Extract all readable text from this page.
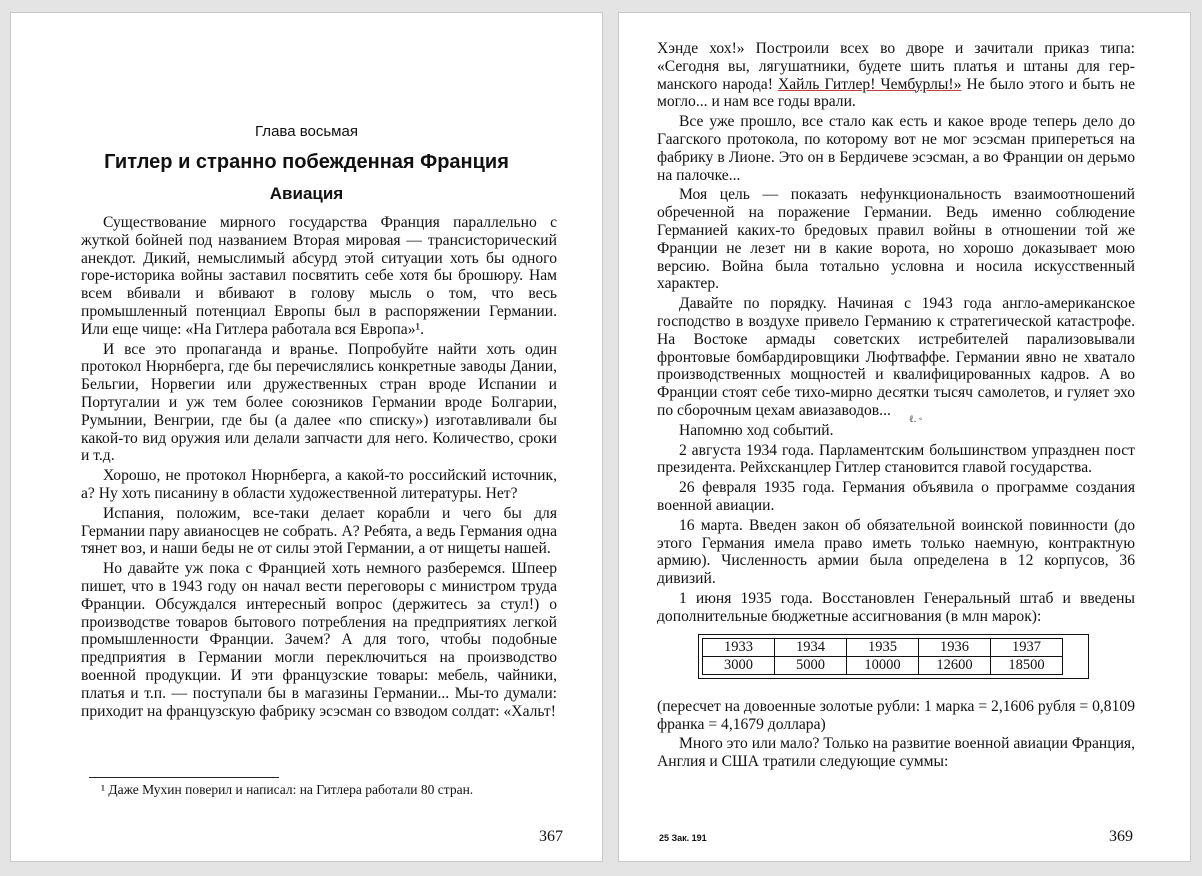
Глава восьмая
Гитлер и странно побежденная Франция
Авиация

Существование мирного государства Франция параллельно с жуткой бойней под названием Вторая мировая — трансисторический анекдот. Дикий, немыслимый абсурд этой ситуации хоть бы одного горе-историка войны заставил посвятить себе хотя бы брошюру. Нам всем вбивали и вбивают в голову мысль о том, что весь промышленный потенциал Европы был в распоряжении Германии. Или еще чище: «На Гитлера работала вся Европа»¹.

И все это пропаганда и вранье. Попробуйте найти хоть один протокол Нюрнберга, где бы перечислялись конкретные заводы Дании, Бельгии, Норвегии или дружественных стран вроде Испании и Португалии и уж тем более союзников Германии вроде Болгарии, Румынии, Венгрии, где бы (а далее «по списку») изготавливали бы какой-то вид оружия или делали запчасти для него. Количество, сроки и т.д.

Хорошо, не протокол Нюрнберга, а какой-то российский источник, а? Ну хоть писанину в области художественной литературы. Нет?

Испания, положим, все-таки делает корабли и чего бы для Германии пару авианосцев не собрать. А? Ребята, а ведь Германия одна тянет воз, и наши беды не от силы этой Германии, а от нищеты нашей.

Но давайте уж пока с Францией хоть немного разберемся. Шпеер пишет, что в 1943 году он начал вести переговоры с министром труда Франции. Обсуждался интересный вопрос (держитесь за стул!) о производстве товаров бытового потребления на предприятиях легкой промышленности Франции. Зачем? А для того, чтобы подобные предприятия в Германии могли переключиться на производство военной продукции. И эти французские товары: мебель, чайники, платья и т.п. — поступали бы в магазины Германии... Мы-то думали: приходит на французскую фабрику эсэсман со взводом солдат: «Хальт!

¹ Даже Мухин поверил и написал: на Гитлера работали 80 стран.
367

Хэнде хох!» Построили всех во дворе и зачитали приказ типа: «Сегодня вы, лягушатники, будете шить платья и штаны для германского народа! Хайль Гитлер! Чембурлы!» Не было этого и быть не могло... и нам все годы врали.

Все уже прошло, все стало как есть и какое вроде теперь дело до Гаагского протокола, по которому вот не мог эсэсман припереться на фабрику в Лионе. Это он в Бердичеве эсэсман, а во Франции он дерьмо на палочке...

Моя цель — показать нефункциональность взаимоотношений обреченной на поражение Германии. Ведь именно соблюдение Германией каких-то бредовых правил войны в отношении той же Франции не лезет ни в какие ворота, но хорошо доказывает мою версию. Война была тотально условна и носила искусственный характер.

Давайте по порядку. Начиная с 1943 года англо-американское господство в воздухе привело Германию к стратегической катастрофе. На Востоке армады советских истребителей парализовывали фронтовые бомбардировщики Люфтваффе. Германии явно не хватало производственных мощностей и квалифицированных кадров. А во Франции стоят себе тихо-мирно десятки тысяч самолетов, и гуляет эхо по сборочным цехам авиазаводов...

Напомню ход событий.

2 августа 1934 года. Парламентским большинством упразднен пост президента. Рейхсканцлер Гитлер становится главой государства.

26 февраля 1935 года. Германия объявила о программе создания военной авиации.

16 марта. Введен закон об обязательной воинской повинности (до этого Германия имела право иметь только наемную, контрактную армию). Численность армии была определена в 12 корпусов, 36 дивизий.

1 июня 1935 года. Восстановлен Генеральный штаб и введены дополнительные бюджетные ассигнования (в млн марок):

ℓ. ◦
1933	1934	1935	1936	1937
3000	5000	10000	12600	18500

(пересчет на довоенные золотые рубли: 1 марка = 2,1606 рубля = 0,8109 франка = 4,1679 доллара)

Много это или мало? Только на развитие военной авиации Франция, Англия и США тратили следующие суммы:

25 Зак. 191	369
